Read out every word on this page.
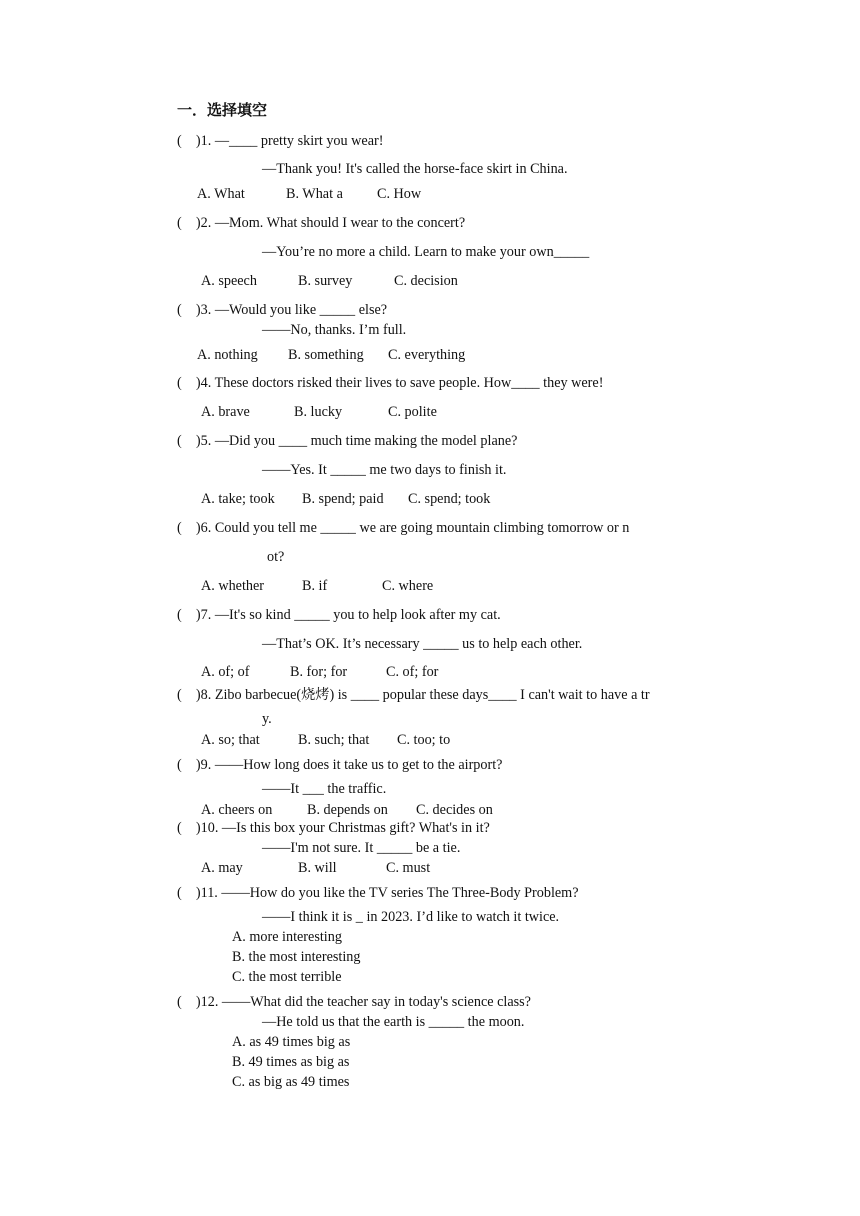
一．选择填空
(    )1. —____ pretty skirt you wear!
—Thank you! It's called the horse-face skirt in China.
A. What	B. What a C. How
(    )2. —Mom. What should I wear to the concert?
—You’re no more a child. Learn to make your own_____
A. speech	B. survey	C. decision
(    )3. —Would you like _____ else?
——No, thanks. I’m full.
A. nothing B. something C. everything
(    )4. These doctors risked their lives to save people. How____ they were!
A. brave	B. lucky	C. polite
(    )5. —Did you ____ much time making the model plane?
——Yes. It _____ me two days to finish it.
A. take; took B. spend; paid C. spend; took
(    )6. Could you tell me _____ we are going mountain climbing tomorrow or n
ot?
A. whether	B. if	C. where
(    )7. —It's so kind _____ you to help look after my cat.
—That’s OK. It’s necessary _____ us to help each other.
A. of; of	B. for; for	C. of; for
(    )8. Zibo barbecue(烧烤) is ____ popular these days____ I can't wait to have a tr
y.
A. so; that	B. such; that C. too; to
(    )9. ——How long does it take us to get to the airport?
——It ___ the traffic.
A. cheers on B. depends on C. decides on
(    )10. —Is this box your Christmas gift? What's in it?
——I'm not sure. It _____ be a tie.
A. may	B. will	C. must
(    )11. ——How do you like the TV series The Three-Body Problem?
——I think it is _ in 2023. I’d like to watch it twice.
A. more interesting
B. the most interesting
C. the most terrible
(    )12. ——What did the teacher say in today's science class?
—He told us that the earth is _____ the moon.
A. as 49 times big as
B. 49 times as big as
C. as big as 49 times
